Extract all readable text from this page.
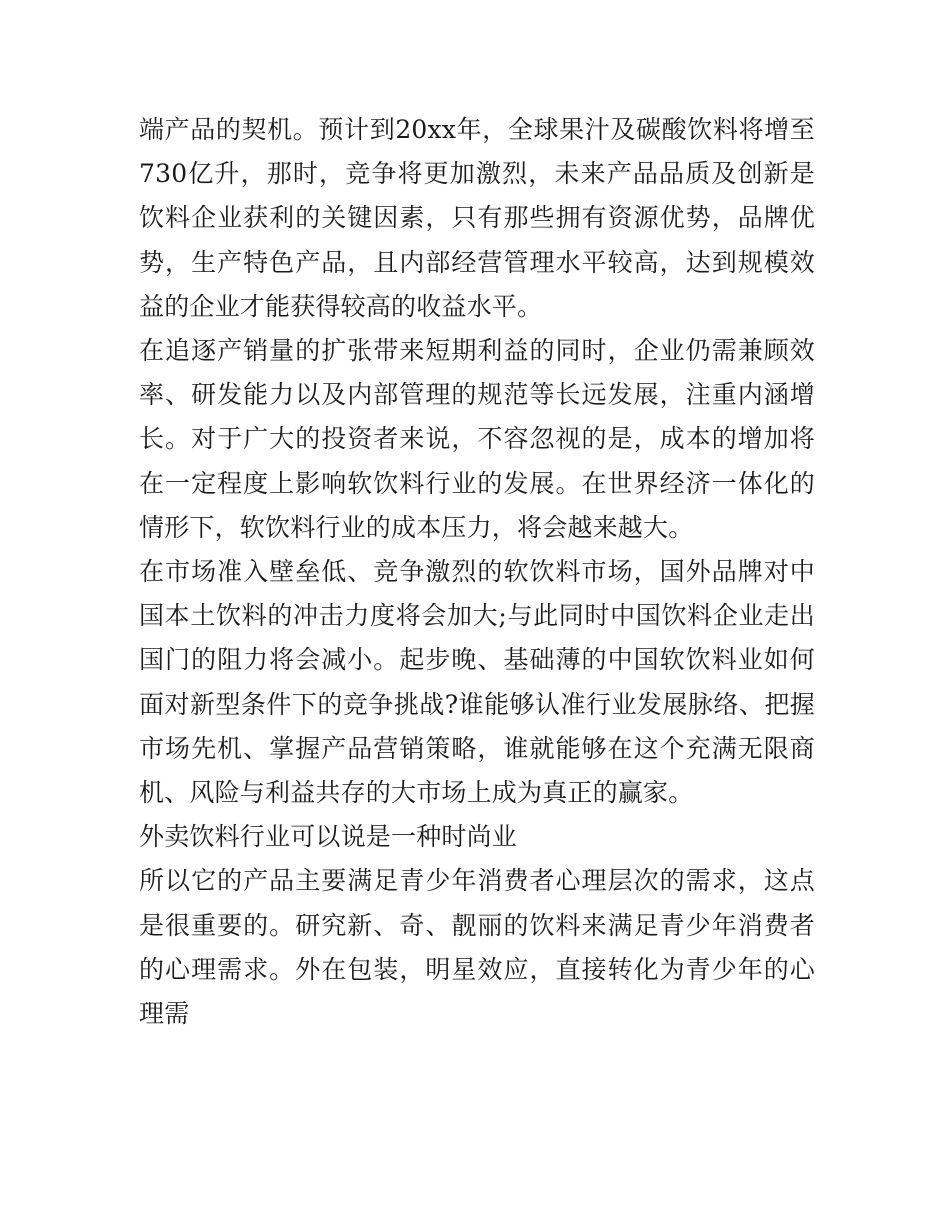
端产品的契机。预计到20xx年，全球果汁及碳酸饮料将增至730亿升，那时，竞争将更加激烈，未来产品品质及创新是饮料企业获利的关键因素，只有那些拥有资源优势，品牌优势，生产特色产品，且内部经营管理水平较高，达到规模效益的企业才能获得较高的收益水平。

在追逐产销量的扩张带来短期利益的同时，企业仍需兼顾效率、研发能力以及内部管理的规范等长远发展，注重内涵增长。对于广大的投资者来说，不容忽视的是，成本的增加将在一定程度上影响软饮料行业的发展。在世界经济一体化的情形下，软饮料行业的成本压力，将会越来越大。

在市场准入壁垒低、竞争激烈的软饮料市场，国外品牌对中国本土饮料的冲击力度将会加大;与此同时中国饮料企业走出国门的阻力将会减小。起步晚、基础薄的中国软饮料业如何面对新型条件下的竞争挑战?谁能够认准行业发展脉络、把握市场先机、掌握产品营销策略，谁就能够在这个充满无限商机、风险与利益共存的大市场上成为真正的赢家。

外卖饮料行业可以说是一种时尚业

所以它的产品主要满足青少年消费者心理层次的需求，这点是很重要的。研究新、奇、靓丽的饮料来满足青少年消费者的心理需求。外在包装，明星效应，直接转化为青少年的心理需
